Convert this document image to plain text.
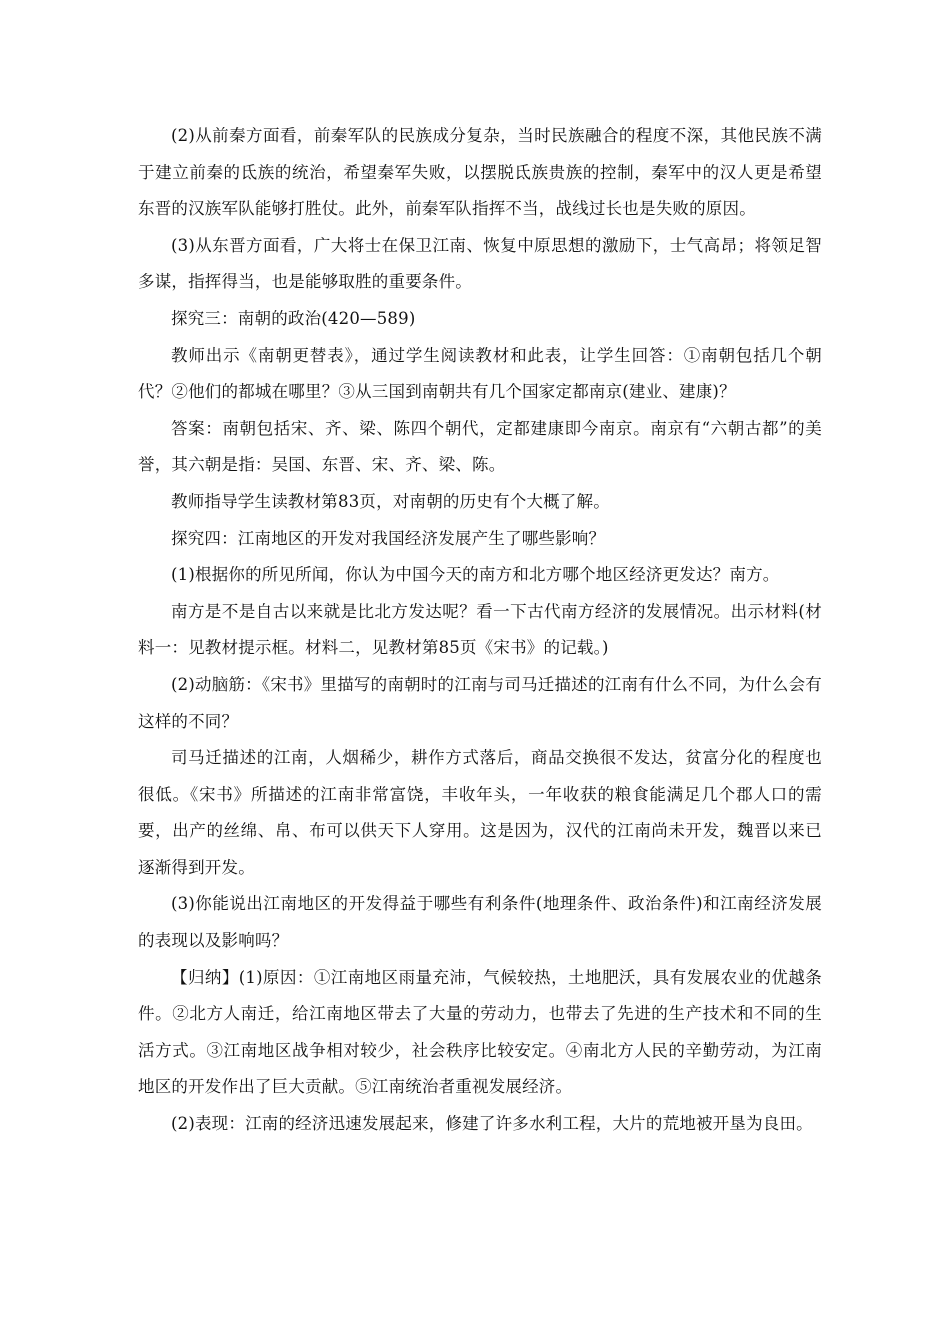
(2)从前秦方面看，前秦军队的民族成分复杂，当时民族融合的程度不深，其他民族不满于建立前秦的氐族的统治，希望秦军失败，以摆脱氐族贵族的控制，秦军中的汉人更是希望东晋的汉族军队能够打胜仗。此外，前秦军队指挥不当，战线过长也是失败的原因。

(3)从东晋方面看，广大将士在保卫江南、恢复中原思想的激励下，士气高昂；将领足智多谋，指挥得当，也是能够取胜的重要条件。

探究三：南朝的政治(420—589)

教师出示《南朝更替表》，通过学生阅读教材和此表，让学生回答：①南朝包括几个朝代？②他们的都城在哪里？③从三国到南朝共有几个国家定都南京(建业、建康)？

答案：南朝包括宋、齐、梁、陈四个朝代，定都建康即今南京。南京有“六朝古都”的美誉，其六朝是指：吴国、东晋、宋、齐、梁、陈。

教师指导学生读教材第83页，对南朝的历史有个大概了解。

探究四：江南地区的开发对我国经济发展产生了哪些影响？

(1)根据你的所见所闻，你认为中国今天的南方和北方哪个地区经济更发达？南方。

南方是不是自古以来就是比北方发达呢？看一下古代南方经济的发展情况。出示材料(材料一：见教材提示框。材料二，见教材第85页《宋书》的记载。)

(2)动脑筋：《宋书》里描写的南朝时的江南与司马迁描述的江南有什么不同，为什么会有这样的不同？

司马迁描述的江南，人烟稀少，耕作方式落后，商品交换很不发达，贫富分化的程度也很低。《宋书》所描述的江南非常富饶，丰收年头，一年收获的粮食能满足几个郡人口的需要，出产的丝绵、帛、布可以供天下人穿用。这是因为，汉代的江南尚未开发，魏晋以来已逐渐得到开发。

(3)你能说出江南地区的开发得益于哪些有利条件(地理条件、政治条件)和江南经济发展的表现以及影响吗？

【归纳】(1)原因：①江南地区雨量充沛，气候较热，土地肥沃，具有发展农业的优越条件。②北方人南迁，给江南地区带去了大量的劳动力，也带去了先进的生产技术和不同的生活方式。③江南地区战争相对较少，社会秩序比较安定。④南北方人民的辛勤劳动，为江南地区的开发作出了巨大贡献。⑤江南统治者重视发展经济。

(2)表现：江南的经济迅速发展起来，修建了许多水利工程，大片的荒地被开垦为良田。
